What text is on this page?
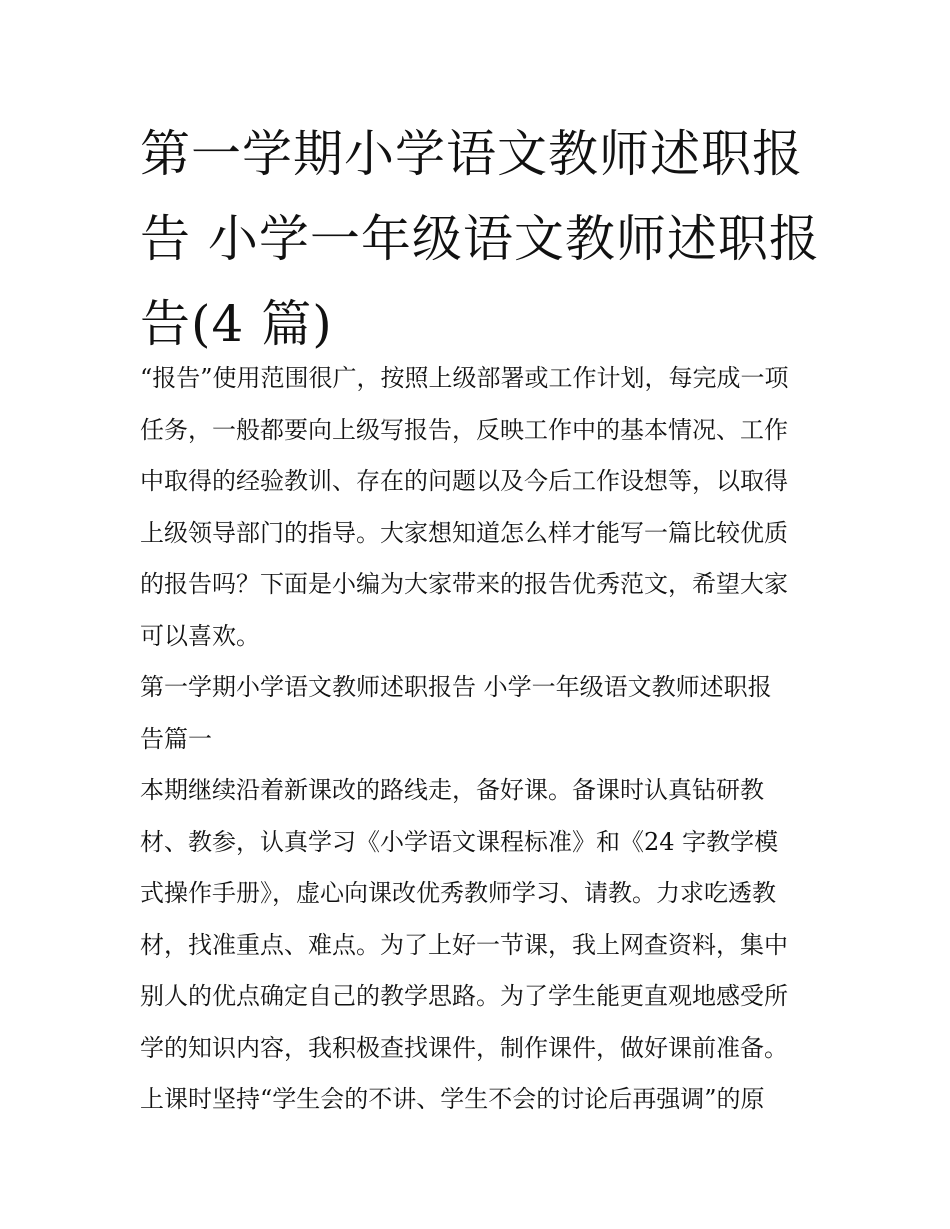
第一学期小学语文教师述职报
告 小学一年级语文教师述职报
告(4 篇)
“报告”使用范围很广，按照上级部署或工作计划，每完成一项
任务，一般都要向上级写报告，反映工作中的基本情况、工作
中取得的经验教训、存在的问题以及今后工作设想等，以取得
上级领导部门的指导。大家想知道怎么样才能写一篇比较优质
的报告吗？下面是小编为大家带来的报告优秀范文，希望大家
可以喜欢。
第一学期小学语文教师述职报告 小学一年级语文教师述职报
告篇一
本期继续沿着新课改的路线走，备好课。备课时认真钻研教
材、教参，认真学习《小学语文课程标准》和《24 字教学模
式操作手册》，虚心向课改优秀教师学习、请教。力求吃透教
材，找准重点、难点。为了上好一节课，我上网查资料，集中
别人的优点确定自己的教学思路。为了学生能更直观地感受所
学的知识内容，我积极查找课件，制作课件，做好课前准备。
上课时坚持“学生会的不讲、学生不会的讨论后再强调”的原
